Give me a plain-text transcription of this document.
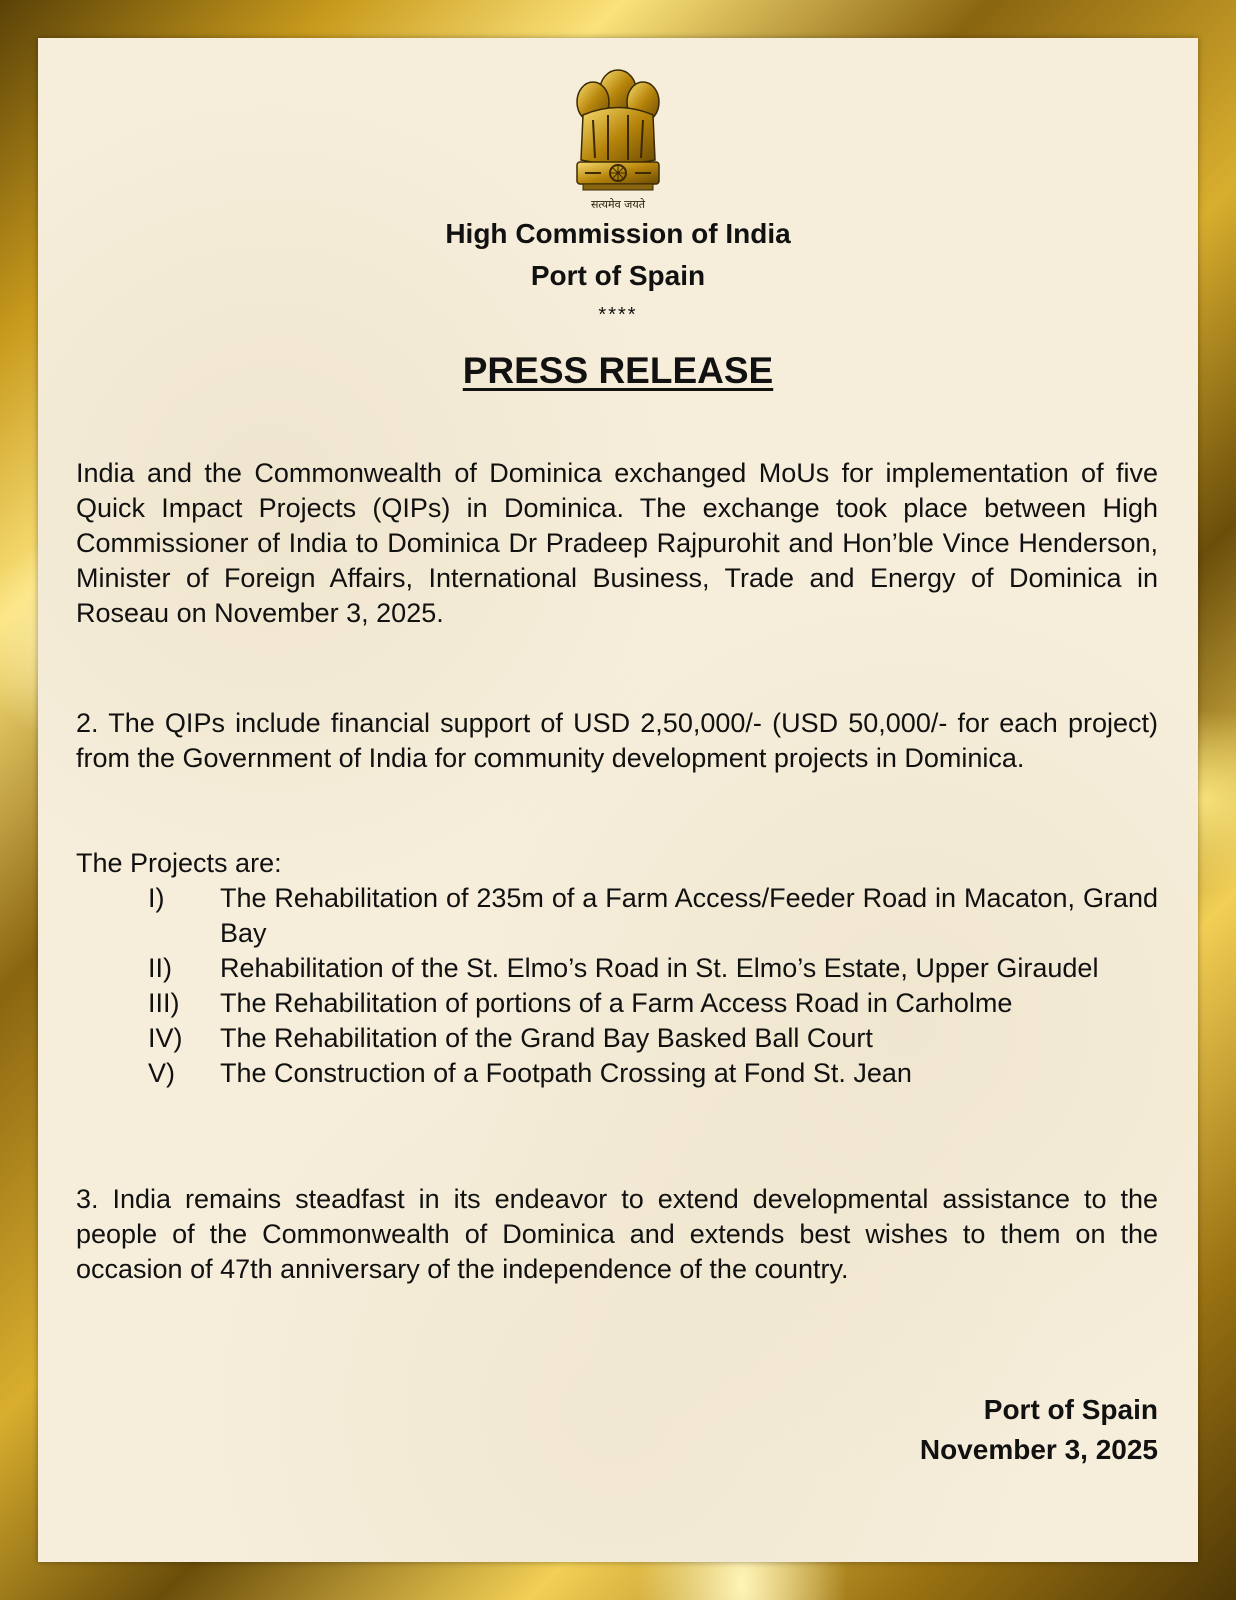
सत्यमेव जयते
High Commission of India
Port of Spain
****
PRESS RELEASE
India and the Commonwealth of Dominica exchanged MoUs for implementation of five Quick Impact Projects (QIPs) in Dominica. The exchange took place between High Commissioner of India to Dominica Dr Pradeep Rajpurohit and Hon’ble Vince Henderson, Minister of Foreign Affairs, International Business, Trade and Energy of Dominica in Roseau on November 3, 2025.
2. The QIPs include financial support of USD 2,50,000/- (USD 50,000/- for each project) from the Government of India for community development projects in Dominica.
The Projects are:
I)	The Rehabilitation of 235m of a Farm Access/Feeder Road in Macaton, Grand Bay
II)	Rehabilitation of the St. Elmo’s Road in St. Elmo’s Estate, Upper Giraudel
III)	The Rehabilitation of portions of a Farm Access Road in Carholme
IV)	The Rehabilitation of the Grand Bay Basked Ball Court
V)	The Construction of a Footpath Crossing at Fond St. Jean
3. India remains steadfast in its endeavor to extend developmental assistance to the people of the Commonwealth of Dominica and extends best wishes to them on the occasion of 47th anniversary of the independence of the country.
Port of Spain
November 3, 2025
